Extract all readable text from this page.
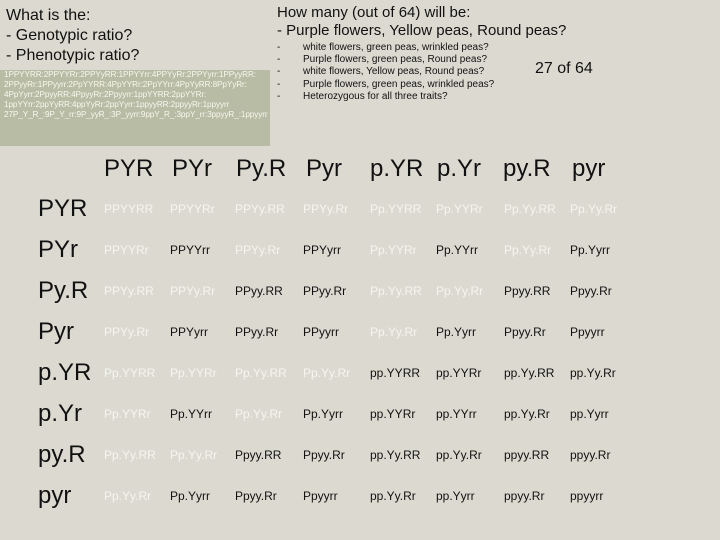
What is the:
- Genotypic ratio?
- Phenotypic ratio?
How many (out of 64) will be:
- Purple flowers, Yellow peas, Round peas?
- white flowers, green peas, wrinkled peas?
- Purple flowers, green peas, Round peas?
- white flowers, Yellow peas, Round peas?
- Purple flowers, green peas, wrinkled peas?
- Heterozygous for all three traits?
27 of 64
1PPYYRR:2PPYYRr:2PPYyRR:1PPYYrr:4PPYyRr:2PPYyrr:1PPyyRR:
2PPyyRr:1PPyyrr:2PpYYRR:4PpYYRr:2PpYYrr:4PpYyRR:8PpYyRr:
4PpYyrr:2PpyyRR:4PpyyRr:2Ppyyrr:1ppYYRR:2ppYYRr:
1ppYYrr:2ppYyRR:4ppYyRr:2ppYyrr:1ppyyRR:2ppyyRr:1ppyyrr
27P_Y_R_:9P_Y_rr:9P_yyR_:3P_yyrr:9ppY_R_:3ppY_rr:3ppyyR_:1ppyyrr
PYR PYr Py.R Pyr p.YR p.Yr py.R pyr
PYR PPYYRR PPYYRr PPYy.RR PPYy.Rr Pp.YYRR Pp.YYRr Pp.Yy.RR Pp.Yy.Rr
PYr PPYYRr PPYYrr PPYy.Rr PPYyrr Pp.YYRr Pp.YYrr Pp.Yy.Rr Pp.Yyrr
Py.R PPYy.RR PPYy.Rr PPyy.RR PPyy.Rr Pp.Yy.RR Pp.Yy.Rr Ppyy.RR Ppyy.Rr
Pyr	PPYy.Rr PPYyrr PPyy.Rr PPyyrr	Pp.Yy.Rr Pp.Yyrr Ppyy.Rr Ppyyrr
p.YR Pp.YYRR Pp.YYRr Pp.Yy.RR Pp.Yy.Rr pp.YYRR pp.YYRr pp.Yy.RR pp.Yy.Rr
p.Yr Pp.YYRr Pp.YYrr Pp.Yy.Rr Pp.Yyrr pp.YYRr pp.YYrr pp.Yy.Rr pp.Yyrr
py.R Pp.Yy.RR Pp.Yy.Rr Ppyy.RR Ppyy.Rr pp.Yy.RR pp.Yy.Rr ppyy.RR ppyy.Rr
pyr	Pp.Yy.Rr Pp.Yyrr Ppyy.Rr Ppyyrr	pp.Yy.Rr pp.Yyrr ppyy.Rr ppyyrr
